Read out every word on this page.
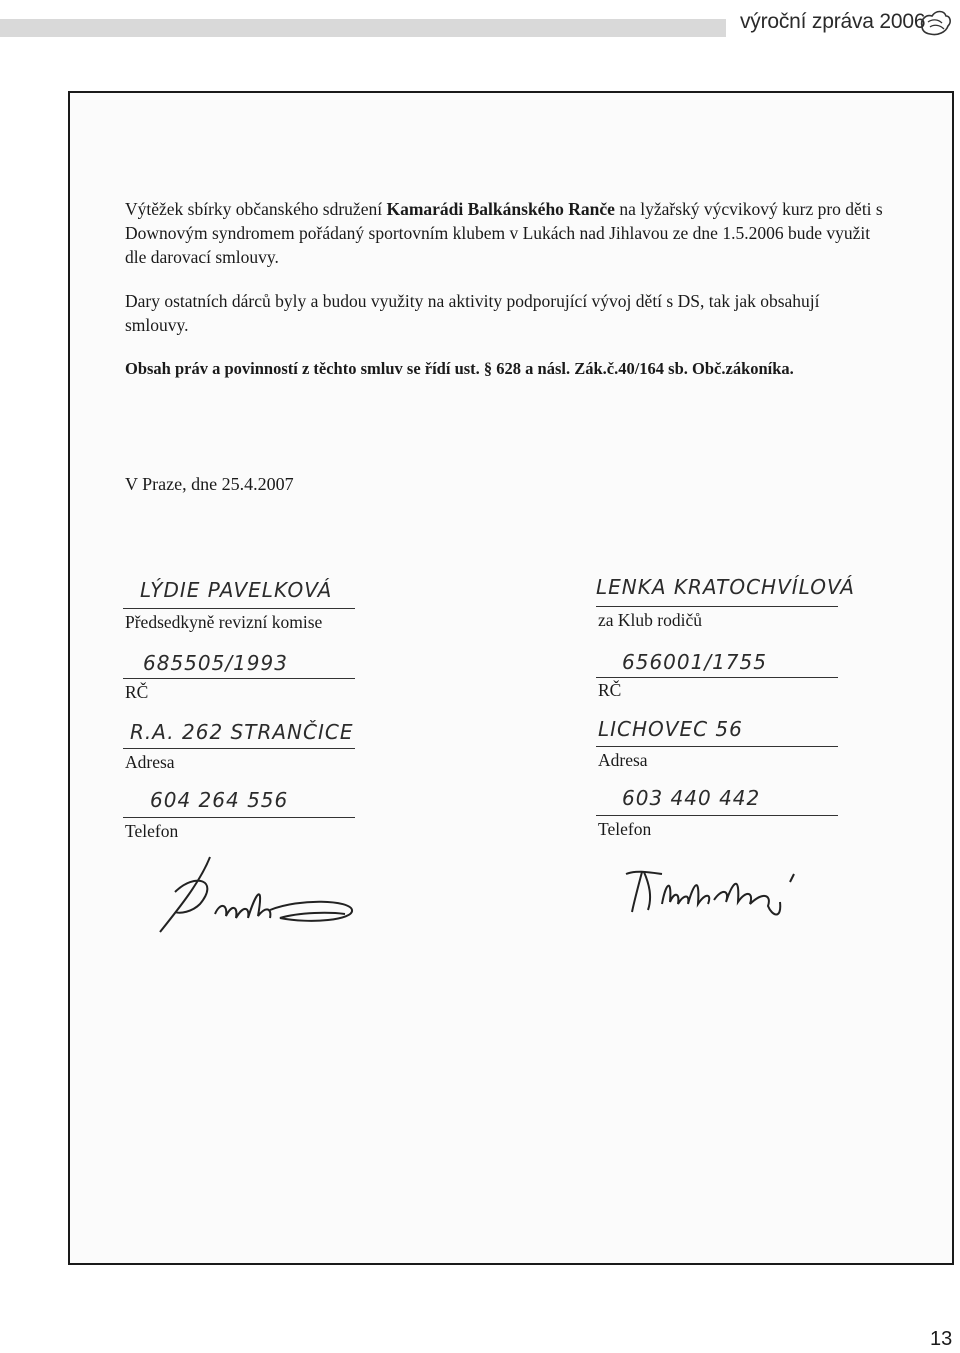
výroční zpráva 2006
Výtěžek sbírky občanského sdružení Kamarádi Balkánského Ranče na lyžařský výcvikový kurz pro děti s Downovým syndromem pořádaný sportovním klubem v Lukách nad Jihlavou ze dne 1.5.2006 bude využit dle darovací smlouvy.
Dary ostatních dárců byly a budou využity na aktivity podporující vývoj dětí s DS, tak jak obsahují smlouvy.
Obsah práv a povinností z těchto smluv se řídí ust. § 628 a násl. Zák.č.40/164 sb. Obč.zákoníka.
V Praze, dne 25.4.2007
LÝDIE PAVELKOVÁ
Předsedkyně revizní komise
685505/1993
RČ
R.A. 262 STRANČICE
Adresa
604 264 556
Telefon
LENKA KRATOCHVÍLOVÁ
za Klub rodičů
656001/1755
RČ
LICHOVEC 56
Adresa
603 440 442
Telefon
13
